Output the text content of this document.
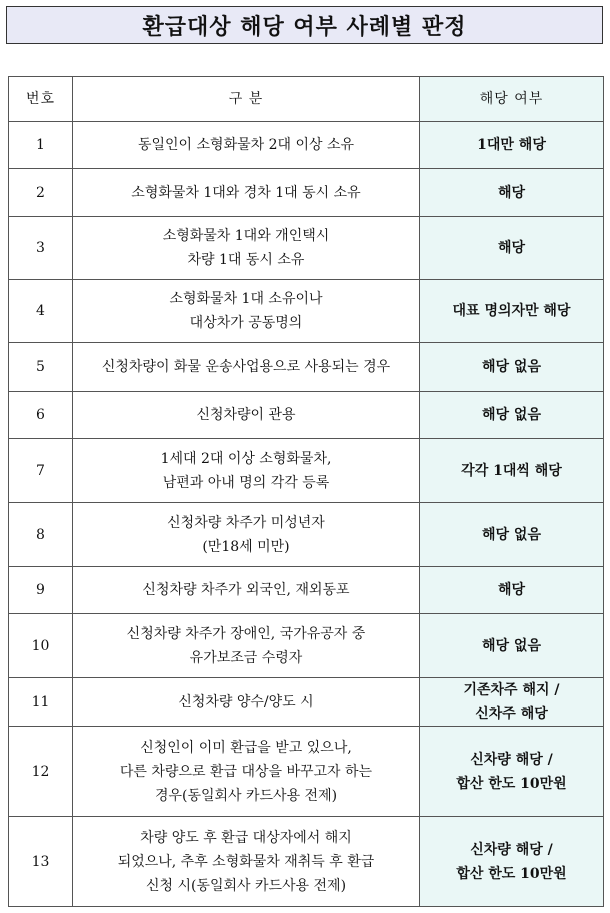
환급대상 해당 여부 사례별 판정
번호	구 분	해당 여부
1	동일인이 소형화물차 2대 이상 소유	1대만 해당

2	소형화물차 1대와 경차 1대 동시 소유	해당

3	소형화물차 1대와 개인택시
차량 1대 동시 소유	해당

4	소형화물차 1대 소유이나
대상차가 공동명의	대표 명의자만 해당

5	신청차량이 화물 운송사업용으로 사용되는 경우	해당 없음

6	신청차량이 관용	해당 없음

7	1세대 2대 이상 소형화물차,
남편과 아내 명의 각각 등록	각각 1대씩 해당

8	신청차량 차주가 미성년자
(만18세 미만)	해당 없음

9	신청차량 차주가 외국인, 재외동포	해당

10	신청차량 차주가 장애인, 국가유공자 중
유가보조금 수령자	해당 없음

11	신청차량 양수/양도 시	기존차주 해지 /
신차주 해당

12	신청인이 이미 환급을 받고 있으나,
다른 차량으로 환급 대상을 바꾸고자 하는
경우(동일회사 카드사용 전제)	신차량 해당 /
합산 한도 10만원

13	차량 양도 후 환급 대상자에서 해지
되었으나, 추후 소형화물차 재취득 후 환급
신청 시(동일회사 카드사용 전제)	신차량 해당 /
합산 한도 10만원
